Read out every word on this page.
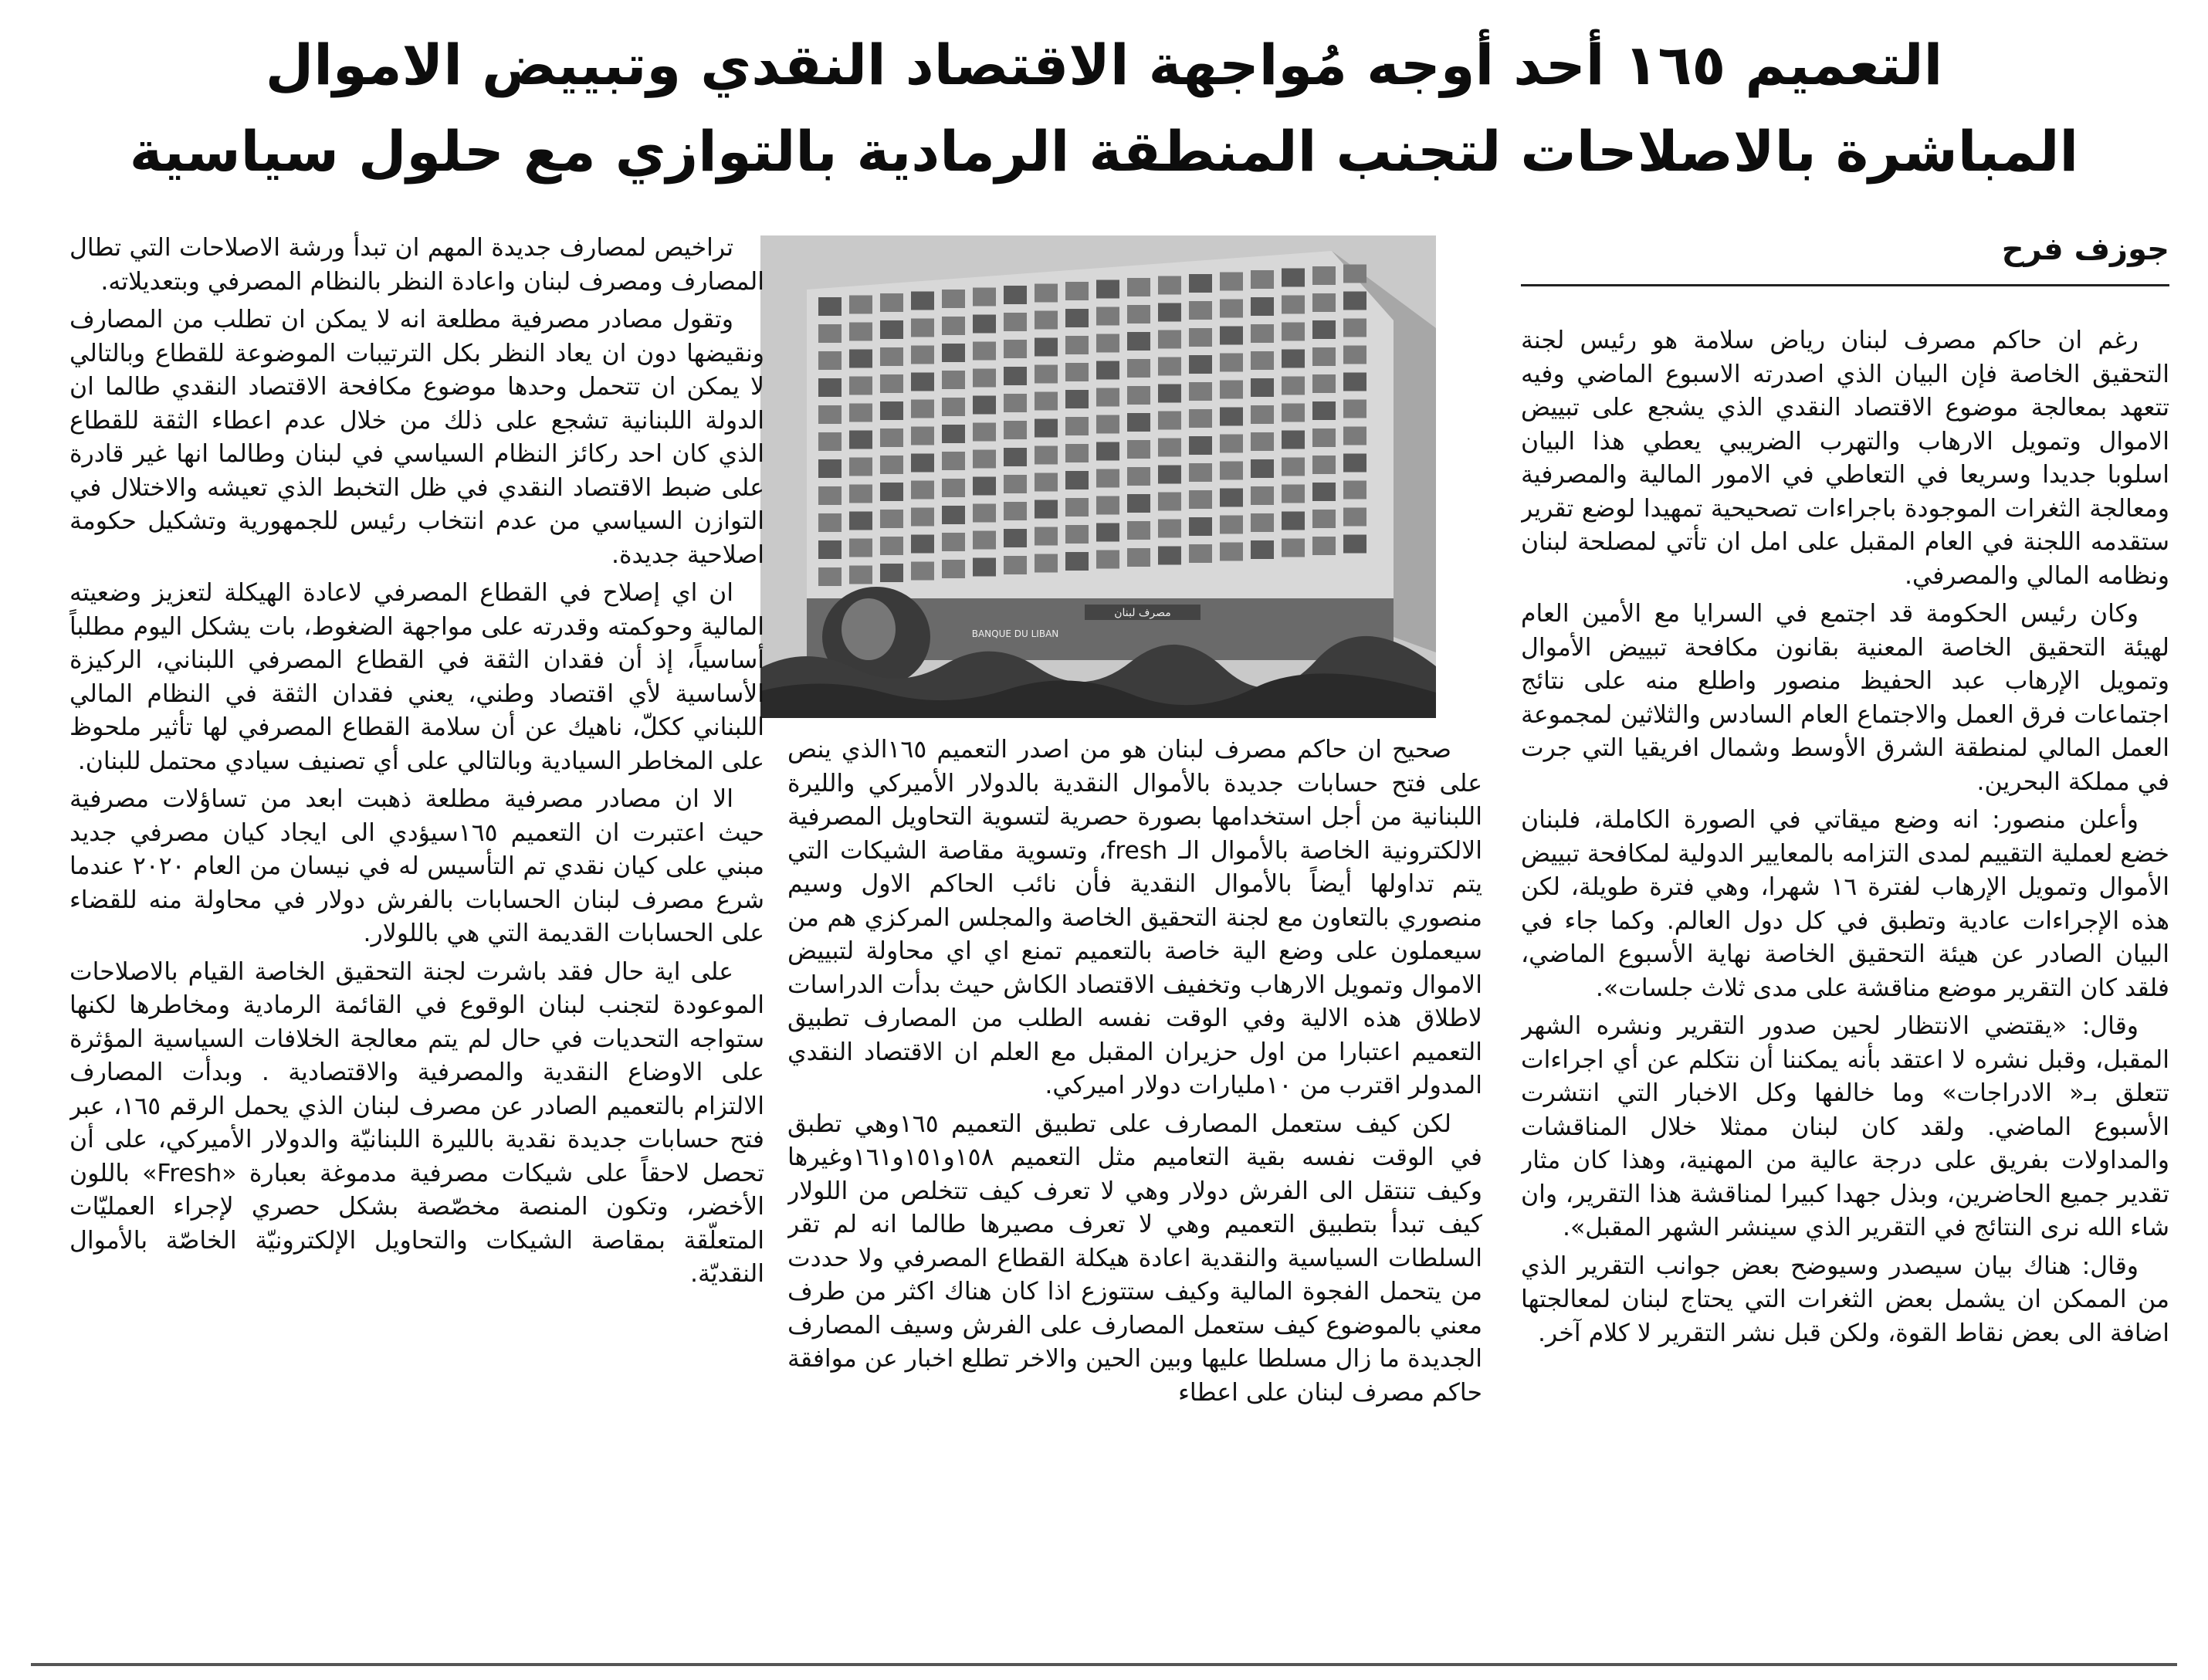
التعميم ١٦٥ أحد أوجه مُواجهة الاقتصاد النقدي وتبييض الاموال
المباشرة بالاصلاحات لتجنب المنطقة الرمادية بالتوازي مع حلول سياسية
جوزف فرح

رغم ان حاكم مصرف لبنان رياض سلامة هو رئيس لجنة التحقيق الخاصة فإن البيان الذي اصدرته الاسبوع الماضي وفيه تتعهد بمعالجة موضوع الاقتصاد النقدي الذي يشجع على تبييض الاموال وتمويل الارهاب والتهرب الضريبي يعطي هذا البيان اسلوبا جديدا وسريعا في التعاطي في الامور المالية والمصرفية ومعالجة الثغرات الموجودة باجراءات تصحيحية تمهيدا لوضع تقرير ستقدمه اللجنة في العام المقبل على امل ان تأتي لمصلحة لبنان ونظامه المالي والمصرفي.

وكان رئيس الحكومة قد اجتمع في السرايا مع الأمين العام لهيئة التحقيق الخاصة المعنية بقانون مكافحة تبييض الأموال وتمويل الإرهاب عبد الحفيظ منصور واطلع منه على نتائج اجتماعات فرق العمل والاجتماع العام السادس والثلاثين لمجموعة العمل المالي لمنطقة الشرق الأوسط وشمال افريقيا التي جرت في مملكة البحرين.

وأعلن منصور: انه وضع ميقاتي في الصورة الكاملة، فلبنان خضع لعملية التقييم لمدى التزامه بالمعايير الدولية لمكافحة تبييض الأموال وتمويل الإرهاب لفترة ١٦ شهرا، وهي فترة طويلة، لكن هذه الإجراءات عادية وتطبق في كل دول العالم. وكما جاء في البيان الصادر عن هيئة التحقيق الخاصة نهاية الأسبوع الماضي، فلقد كان التقرير موضع مناقشة على مدى ثلاث جلسات».

وقال: «يقتضي الانتظار لحين صدور التقرير ونشره الشهر المقبل، وقبل نشره لا اعتقد بأنه يمكننا أن نتكلم عن أي اجراءات تتعلق بـ« الادراجات» وما خالفها وكل الاخبار التي انتشرت الأسبوع الماضي. ولقد كان لبنان ممثلا خلال المناقشات والمداولات بفريق على درجة عالية من المهنية، وهذا كان مثار تقدير جميع الحاضرين، وبذل جهدا كبيرا لمناقشة هذا التقرير، وان شاء الله نرى النتائج في التقرير الذي سينشر الشهر المقبل».

وقال: هناك بيان سيصدر وسيوضح بعض جوانب التقرير الذي من الممكن ان يشمل بعض الثغرات التي يحتاج لبنان لمعالجتها اضافة الى بعض نقاط القوة، ولكن قبل نشر التقرير لا كلام آخر.

مصرف لبنان
BANQUE DU LIBAN

صحيح ان حاكم مصرف لبنان هو من اصدر التعميم ١٦٥الذي ينص على فتح حسابات جديدة بالأموال النقدية بالدولار الأميركي والليرة اللبنانية من أجل استخدامها بصورة حصرية لتسوية التحاويل المصرفية الالكترونية الخاصة بالأموال الـ fresh، وتسوية مقاصة الشيكات التي يتم تداولها أيضاً بالأموال النقدية فأن نائب الحاكم الاول وسيم منصوري بالتعاون مع لجنة التحقيق الخاصة والمجلس المركزي هم من سيعملون على وضع الية خاصة بالتعميم تمنع اي اي محاولة لتبييض الاموال وتمويل الارهاب وتخفيف الاقتصاد الكاش حيث بدأت الدراسات لاطلاق هذه الالية وفي الوقت نفسه الطلب من المصارف تطبيق التعميم اعتبارا من اول حزيران المقبل مع العلم ان الاقتصاد النقدي المدولر اقترب من ١٠مليارات دولار اميركي.

لكن كيف ستعمل المصارف على تطبيق التعميم ١٦٥وهي تطبق في الوقت نفسه بقية التعاميم مثل التعميم ١٥٨و١٥١و١٦١وغيرها وكيف تنتقل الى الفرش دولار وهي لا تعرف كيف تتخلص من اللولار كيف تبدأ بتطبيق التعميم وهي لا تعرف مصيرها طالما انه لم تقر السلطات السياسية والنقدية اعادة هيكلة القطاع المصرفي ولا حددت من يتحمل الفجوة المالية وكيف ستتوزع اذا كان هناك اكثر من طرف معني بالموضوع كيف ستعمل المصارف على الفرش وسيف المصارف الجديدة ما زال مسلطا عليها وبين الحين والاخر تطلع اخبار عن موافقة حاكم مصرف لبنان على اعطاء

تراخيص لمصارف جديدة المهم ان تبدأ ورشة الاصلاحات التي تطال المصارف ومصرف لبنان واعادة النظر بالنظام المصرفي وبتعديلاته.

وتقول مصادر مصرفية مطلعة انه لا يمكن ان تطلب من المصارف ونقيضها دون ان يعاد النظر بكل الترتيبات الموضوعة للقطاع وبالتالي لا يمكن ان تتحمل وحدها موضوع مكافحة الاقتصاد النقدي طالما ان الدولة اللبنانية تشجع على ذلك من خلال عدم اعطاء الثقة للقطاع الذي كان احد ركائز النظام السياسي في لبنان وطالما انها غير قادرة على ضبط الاقتصاد النقدي في ظل التخبط الذي تعيشه والاختلال في التوازن السياسي من عدم انتخاب رئيس للجمهورية وتشكيل حكومة اصلاحية جديدة.

ان اي إصلاح في القطاع المصرفي لاعادة الهيكلة لتعزيز وضعيته المالية وحوكمته وقدرته على مواجهة الضغوط، بات يشكل اليوم مطلباً أساسياً، إذ أن فقدان الثقة في القطاع المصرفي اللبناني، الركيزة الأساسية لأي اقتصاد وطني، يعني فقدان الثقة في النظام المالي اللبناني ككلّ، ناهيك عن أن سلامة القطاع المصرفي لها تأثير ملحوظ على المخاطر السيادية وبالتالي على أي تصنيف سيادي محتمل للبنان.

الا ان مصادر مصرفية مطلعة ذهبت ابعد من تساؤلات مصرفية حيث اعتبرت ان التعميم ١٦٥سيؤدي الى ايجاد كيان مصرفي جديد مبني على كيان نقدي تم التأسيس له في نيسان من العام ٢٠٢٠ عندما شرع مصرف لبنان الحسابات بالفرش دولار في محاولة منه للقضاء على الحسابات القديمة التي هي باللولار.

على اية حال فقد باشرت لجنة التحقيق الخاصة القيام بالاصلاحات الموعودة لتجنب لبنان الوقوع في القائمة الرمادية ومخاطرها لكنها ستواجه التحديات في حال لم يتم معالجة الخلافات السياسية المؤثرة على الاوضاع النقدية والمصرفية والاقتصادية . وبدأت المصارف الالتزام بالتعميم الصادر عن مصرف لبنان الذي يحمل الرقم ١٦٥، عبر فتح حسابات جديدة نقدية بالليرة اللبنانيّة والدولار الأميركي، على أن تحصل لاحقاً على شيكات مصرفية مدموغة بعبارة «Fresh» باللون الأخضر، وتكون المنصة مخصّصة بشكل حصري لإجراء العمليّات المتعلّقة بمقاصة الشيكات والتحاويل الإلكترونيّة الخاصّة بالأموال النقديّة.
